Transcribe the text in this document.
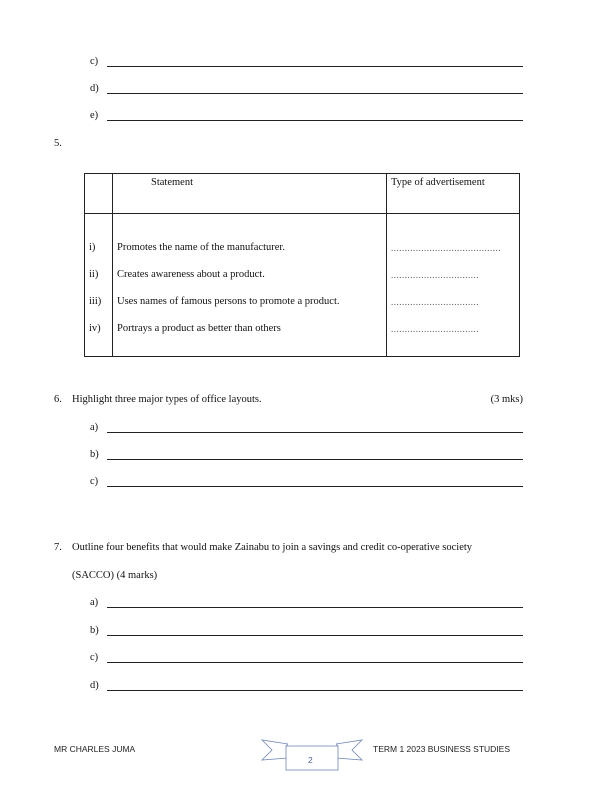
c)
d)
e)
5.
	Statement	Type of advertisement

i)	Promotes the name of the manufacturer.	........................................
ii)	Creates awareness about a product.	................................
iii)	Uses names of famous persons to promote a product.	................................
iv)	Portrays a product as better than others	................................

6. Highlight three major types of office layouts.	(3 mks)
a)
b)
c)
7. Outline four benefits that would make Zainabu to join a savings and credit co-operative society
(SACCO) (4 marks)
a)
b)
c)
d)
MR CHARLES JUMA
2
TERM 1 2023 BUSINESS STUDIES
